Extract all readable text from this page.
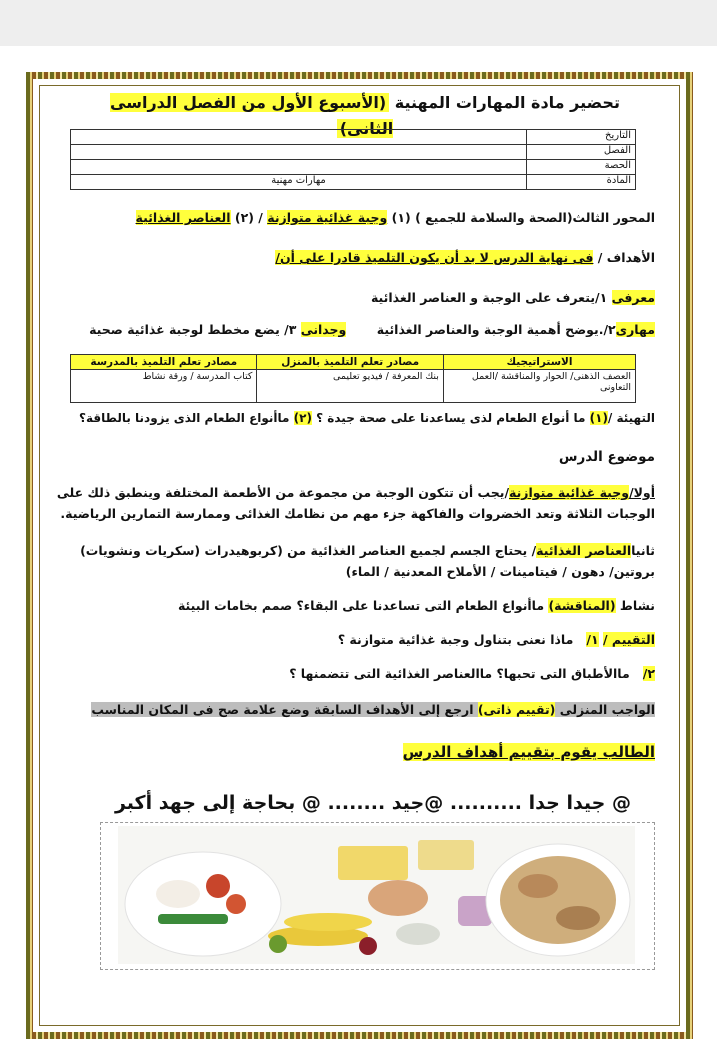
تحضير مادة المهارات المهنية (الأسبوع الأول من الفصل الدراسى الثانى)	التاريخ	
الفصل	
الحصة	
المادة	مهارات مهنية
المحور الثالث(الصحة والسلامة للجميع ) (١) وجبة غذائية متوازنة / (٢) العناصر الغذائية
الأهداف / فى نهاية الدرس لا بد أن يكون التلميذ قادرا على أن/
معرفى ١/يتعرف على الوجبة و العناصر الغذائية
مهارى٢/.يوضح أهمية الوجبة والعناصر الغذائية       وجدانى ٣/ يضع مخطط لوجبة غذائية صحية
الاستراتيجيك	مصادر تعلم التلميذ بالمنزل	مصادر تعلم التلميذ بالمدرسة
العصف الذهنى/ الحوار والمناقشة /العمل التعاونى	بنك المعرفة / فيديو تعليمى	كتاب المدرسة / ورقة نشاط
التهيئة /(١) ما أنواع الطعام لذى يساعدنا على صحة جيدة ؟ (٢) ماأنواع الطعام الذى يزودنا بالطاقة؟
موضوع الدرس
أولا/وجبة غذائية متوازنة/يجب أن تتكون الوجبة من مجموعة من الأطعمة المختلفة وينطبق ذلك على
الوجبات الثلاثة وتعد الخضروات والفاكهة جزء مهم من نظامك الغذائى وممارسة التمارين الرياضية.
ثانياالعناصر الغذائية/ يحتاج الجسم لجميع العناصر الغذائية من (كربوهيدرات (سكريات ونشويات)
بروتين/ دهون / فيتامينات / الأملاح المعدنية / الماء)
نشاط (المناقشة) ماأنواع الطعام التى تساعدنا على البقاء؟ صمم بخامات البيئة
التقييم / ١/   ماذا نعنى بتناول وجبة غذائية متوازنة ؟
٢/   ماالأطباق التى تحبها؟ ماالعناصر الغذائية التى تتضمنها ؟
الواجب المنزلى (تقييم ذاتى) ارجع إلى الأهداف السابقة وضع علامة صح فى المكان المناسب
الطالب يقوم بتقييم أهداف الدرس
@ جيدا جدا .......... @جيد ........ @ بحاجة إلى جهد أكبر
